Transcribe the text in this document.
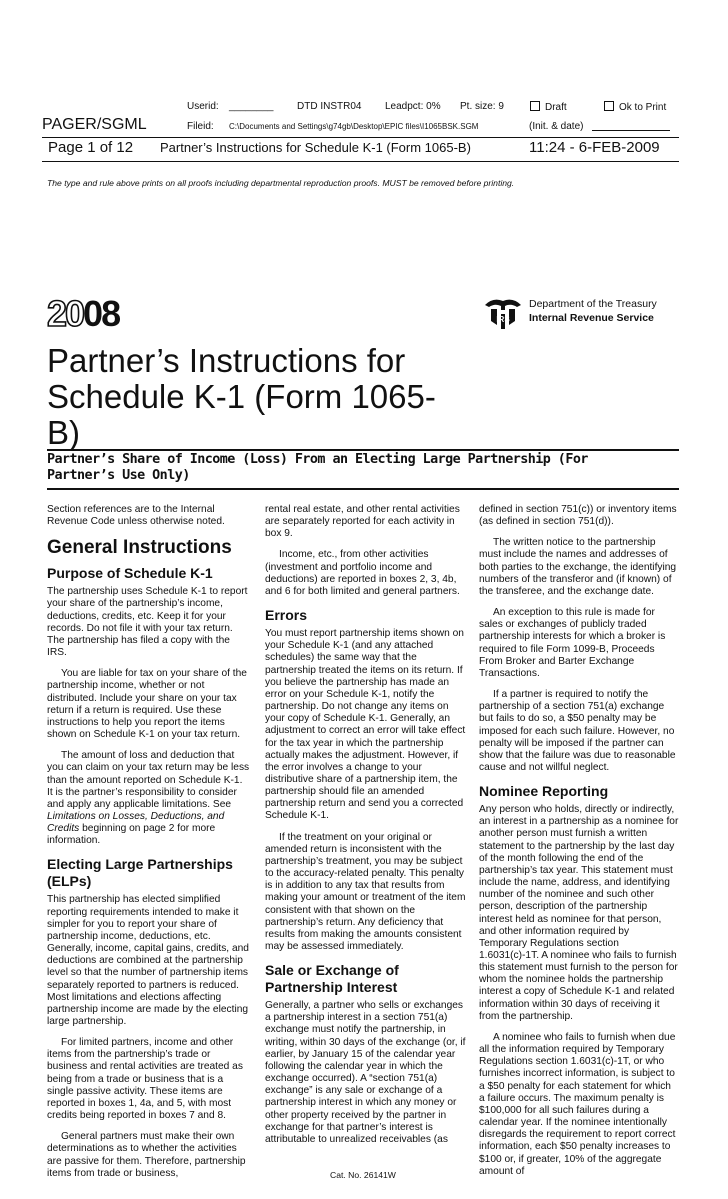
Userid: ________ DTD INSTR04 Leadpct: 0% Pt. size: 9	Draft	Ok to Print
PAGER/SGML	Fileid: C:\Documents and Settings\g74gb\Desktop\EPIC files\I1065BSK.SGM	(Init. & date)
Page 1 of 12 Partner’s Instructions for Schedule K-1 (Form 1065-B)	11:24 - 6-FEB-2009
The type and rule above prints on all proofs including departmental reproduction proofs. MUST be removed before printing.
2008	IRS
Department of the Treasury
Internal Revenue Service
Partner’s Instructions for Schedule K-1 (Form 1065-B)
Partner’s Share of Income (Loss) From an Electing Large Partnership (For Partner’s Use Only)

Section references are to the Internal Revenue Code unless otherwise noted.

General Instructions
Purpose of Schedule K-1

The partnership uses Schedule K-1 to report your share of the partnership’s income, deductions, credits, etc. Keep it for your records. Do not file it with your tax return. The partnership has filed a copy with the IRS.

You are liable for tax on your share of the partnership income, whether or not distributed. Include your share on your tax return if a return is required. Use these instructions to help you report the items shown on Schedule K-1 on your tax return.

The amount of loss and deduction that you can claim on your tax return may be less than the amount reported on Schedule K-1. It is the partner’s responsibility to consider and apply any applicable limitations. See Limitations on Losses, Deductions, and Credits beginning on page 2 for more information.

Electing Large Partnerships (ELPs)

This partnership has elected simplified reporting requirements intended to make it simpler for you to report your share of partnership income, deductions, etc. Generally, income, capital gains, credits, and deductions are combined at the partnership level so that the number of partnership items separately reported to partners is reduced. Most limitations and elections affecting partnership income are made by the electing large partnership.

For limited partners, income and other items from the partnership’s trade or business and rental activities are treated as being from a trade or business that is a single passive activity. These items are reported in boxes 1, 4a, and 5, with most credits being reported in boxes 7 and 8.

General partners must make their own determinations as to whether the activities are passive for them. Therefore, partnership items from trade or business,

rental real estate, and other rental activities are separately reported for each activity in box 9.

Income, etc., from other activities (investment and portfolio income and deductions) are reported in boxes 2, 3, 4b, and 6 for both limited and general partners.

Errors

You must report partnership items shown on your Schedule K-1 (and any attached schedules) the same way that the partnership treated the items on its return. If you believe the partnership has made an error on your Schedule K-1, notify the partnership. Do not change any items on your copy of Schedule K-1. Generally, an adjustment to correct an error will take effect for the tax year in which the partnership actually makes the adjustment. However, if the error involves a change to your distributive share of a partnership item, the partnership should file an amended partnership return and send you a corrected Schedule K-1.

If the treatment on your original or amended return is inconsistent with the partnership’s treatment, you may be subject to the accuracy-related penalty. This penalty is in addition to any tax that results from making your amount or treatment of the item consistent with that shown on the partnership’s return. Any deficiency that results from making the amounts consistent may be assessed immediately.

Sale or Exchange of Partnership Interest

Generally, a partner who sells or exchanges a partnership interest in a section 751(a) exchange must notify the partnership, in writing, within 30 days of the exchange (or, if earlier, by January 15 of the calendar year following the calendar year in which the exchange occurred). A “section 751(a) exchange” is any sale or exchange of a partnership interest in which any money or other property received by the partner in exchange for that partner’s interest is attributable to unrealized receivables (as

defined in section 751(c)) or inventory items (as defined in section 751(d)).

The written notice to the partnership must include the names and addresses of both parties to the exchange, the identifying numbers of the transferor and (if known) of the transferee, and the exchange date.

An exception to this rule is made for sales or exchanges of publicly traded partnership interests for which a broker is required to file Form 1099-B, Proceeds From Broker and Barter Exchange Transactions.

If a partner is required to notify the partnership of a section 751(a) exchange but fails to do so, a $50 penalty may be imposed for each such failure. However, no penalty will be imposed if the partner can show that the failure was due to reasonable cause and not willful neglect.

Nominee Reporting

Any person who holds, directly or indirectly, an interest in a partnership as a nominee for another person must furnish a written statement to the partnership by the last day of the month following the end of the partnership’s tax year. This statement must include the name, address, and identifying number of the nominee and such other person, description of the partnership interest held as nominee for that person, and other information required by Temporary Regulations section 1.6031(c)-1T. A nominee who fails to furnish this statement must furnish to the person for whom the nominee holds the partnership interest a copy of Schedule K-1 and related information within 30 days of receiving it from the partnership.

A nominee who fails to furnish when due all the information required by Temporary Regulations section 1.6031(c)-1T, or who furnishes incorrect information, is subject to a $50 penalty for each statement for which a failure occurs. The maximum penalty is $100,000 for all such failures during a calendar year. If the nominee intentionally disregards the requirement to report correct information, each $50 penalty increases to $100 or, if greater, 10% of the aggregate amount of

Cat. No. 26141W
